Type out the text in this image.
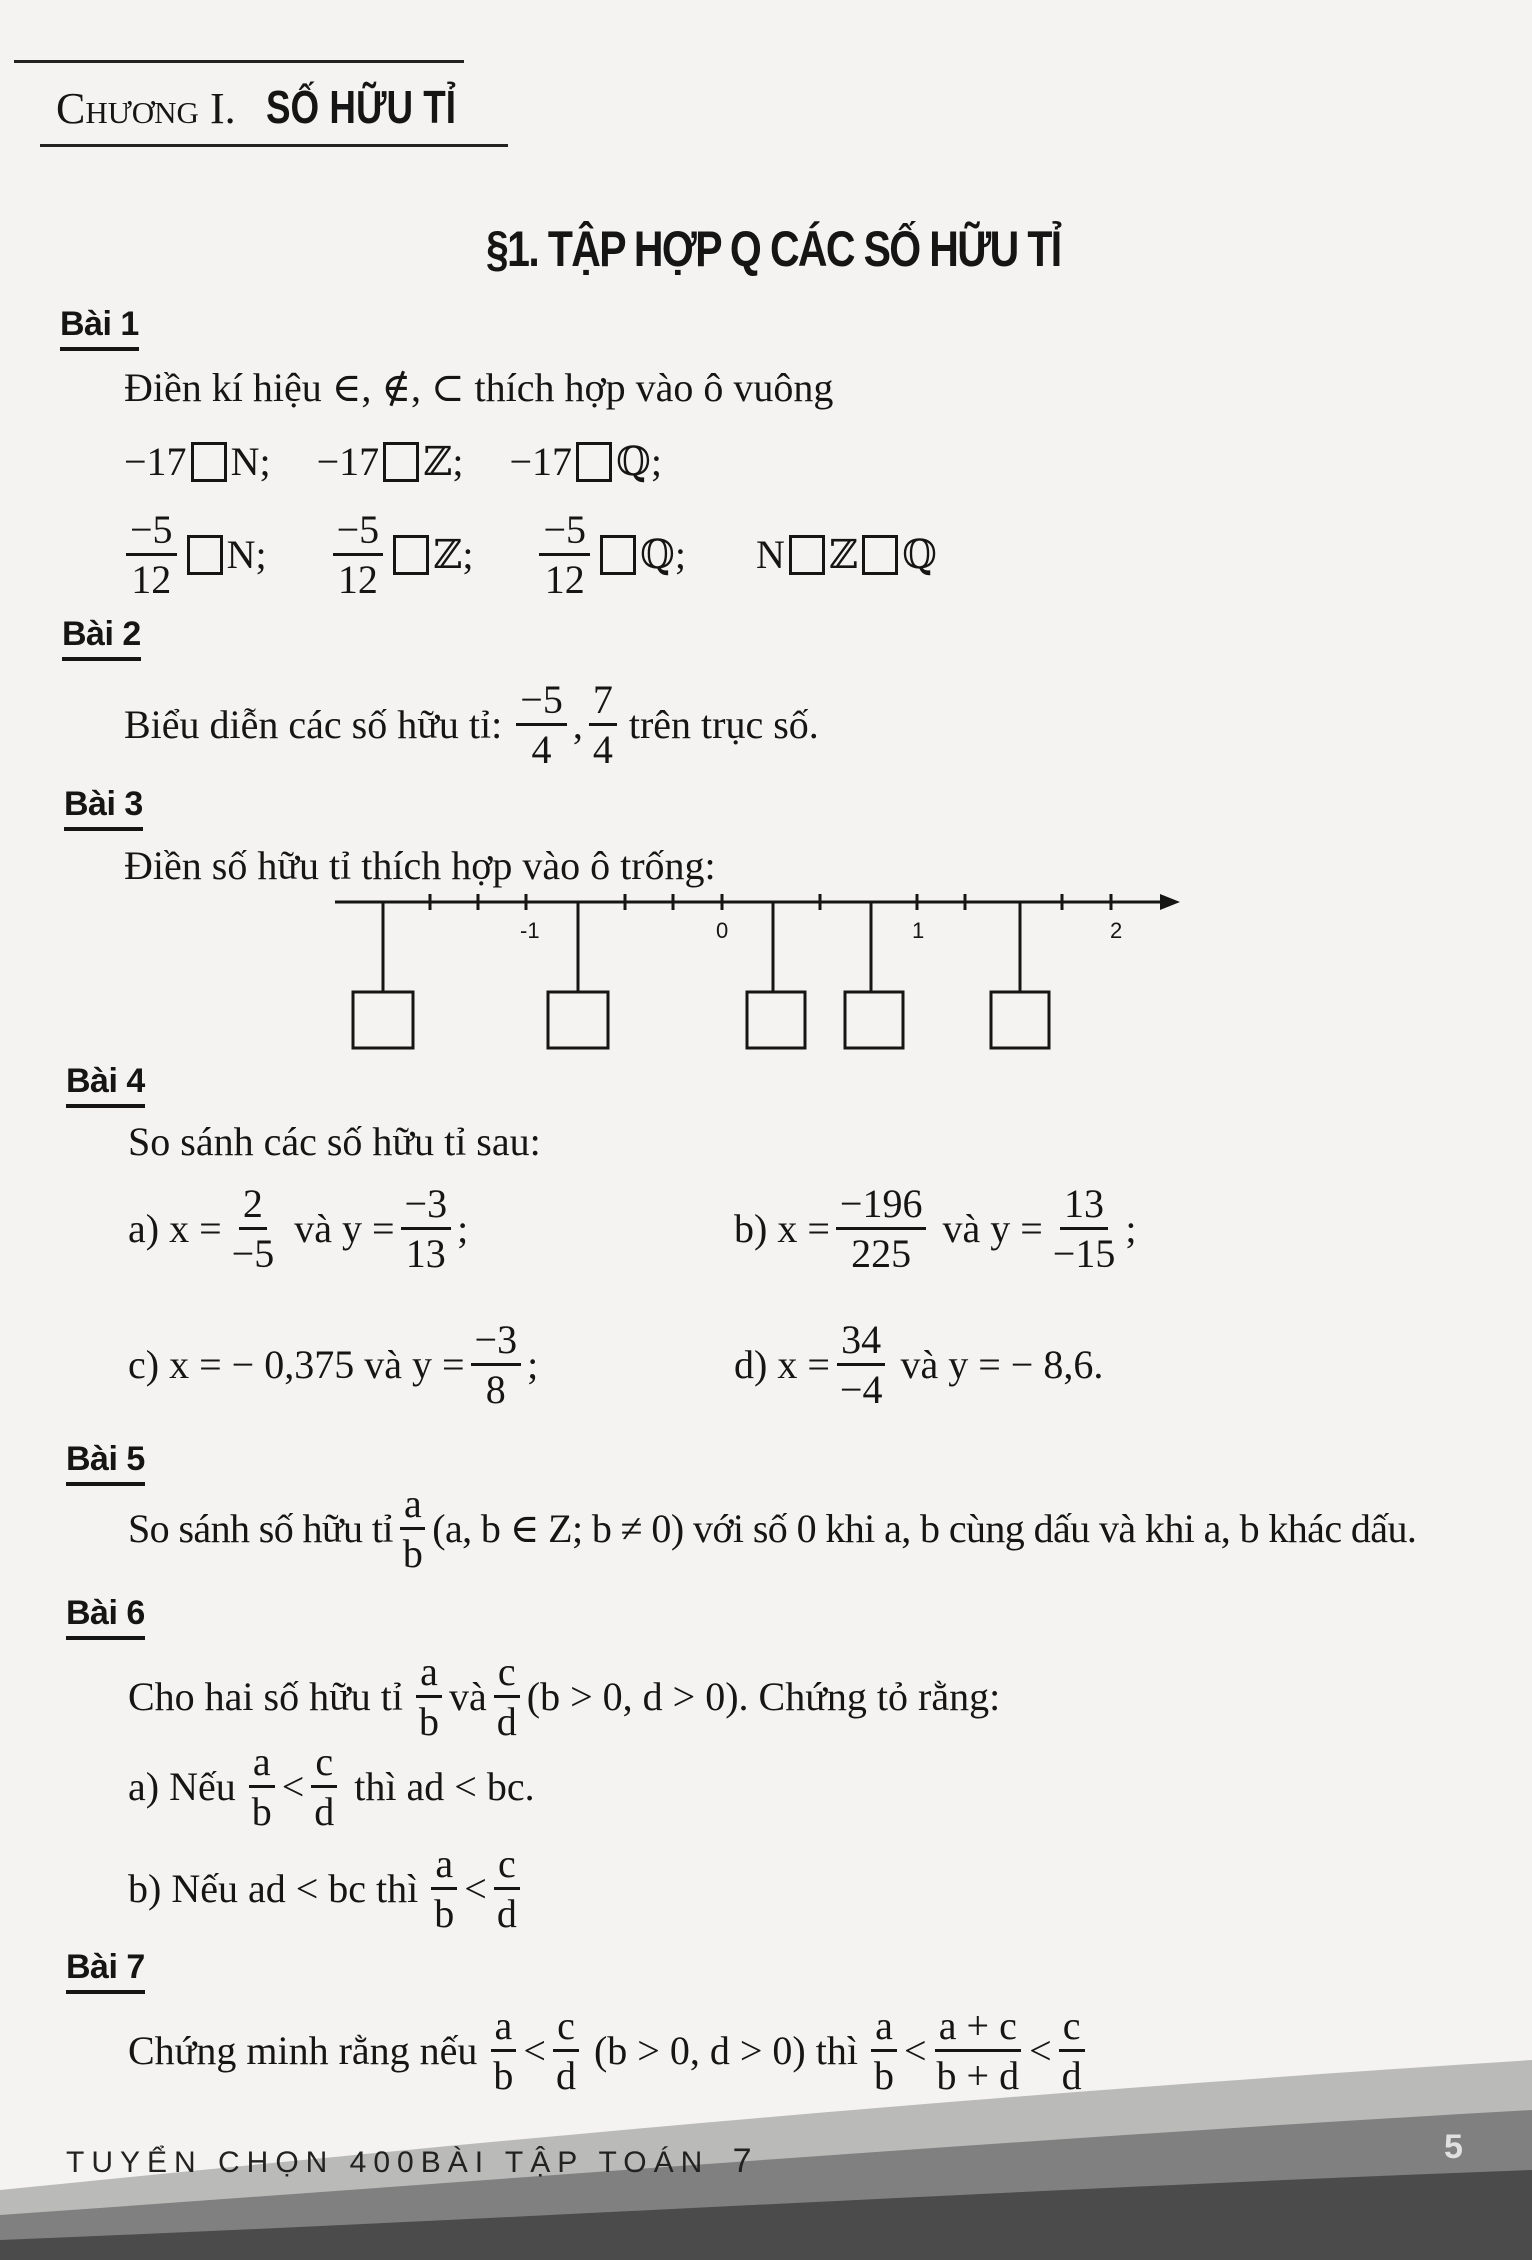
Chương I. SỐ HỮU TỈ
§1. TẬP HỢP Q CÁC SỐ HỮU TỈ
Bài 1
Điền kí hiệu ∈, ∉, ⊂ thích hợp vào ô vuông
−17 N; −17 ℤ; −17 ℚ;
$\frac{-5}{12} N$; $\frac{-5}{12}$ ℤ; $\frac{-5}{12}$ ℚ; N ℤ ℚ
Bài 2
Biểu diễn các số hữu tỉ: $\frac{-5}{4}$ , $\frac{7}{4}$ trên trục số.
Bài 3
Điền số hữu tỉ thích hợp vào ô trống:
-1	0	1	2
Bài 4
So sánh các số hữu tỉ sau:
a) $x = \frac{2}{-5}$ và $y = \frac{-3}{13}$ ;	b) $x = \frac{-196}{225}$ và $y = \frac{13}{-15}$ ;
c) x = − 0,375 và $y = \frac{-3}{8}$ ;	d) $x = \frac{34}{-4}$ và y = − 8,6.
Bài 5
So sánh số hữu tỉ $\frac{a}{b} (a$, b ∈ Z; b ≠ 0) với số 0 khi a, b cùng dấu và khi a, b khác dấu.
Bài 6
Cho hai số hữu tỉ $\frac{a}{b}$ và $\frac{c}{d} (b > 0$, d > 0). Chứng tỏ rằng:
a) Nếu $\frac{a}{b} < \frac{c}{d}$ thì ad < bc.
b) Nếu ad < bc thì $\frac{a}{b} < \frac{c}{d}$
Bài 7
Chứng minh rằng nếu $\frac{a}{b} < \frac{c}{d} (b > 0$, d > 0) thì $\frac{a}{b} < \frac{a + c}{b + d} < \frac{c}{d}$
TUYỂN CHỌN 400BÀI TẬP TOÁN 7	5
